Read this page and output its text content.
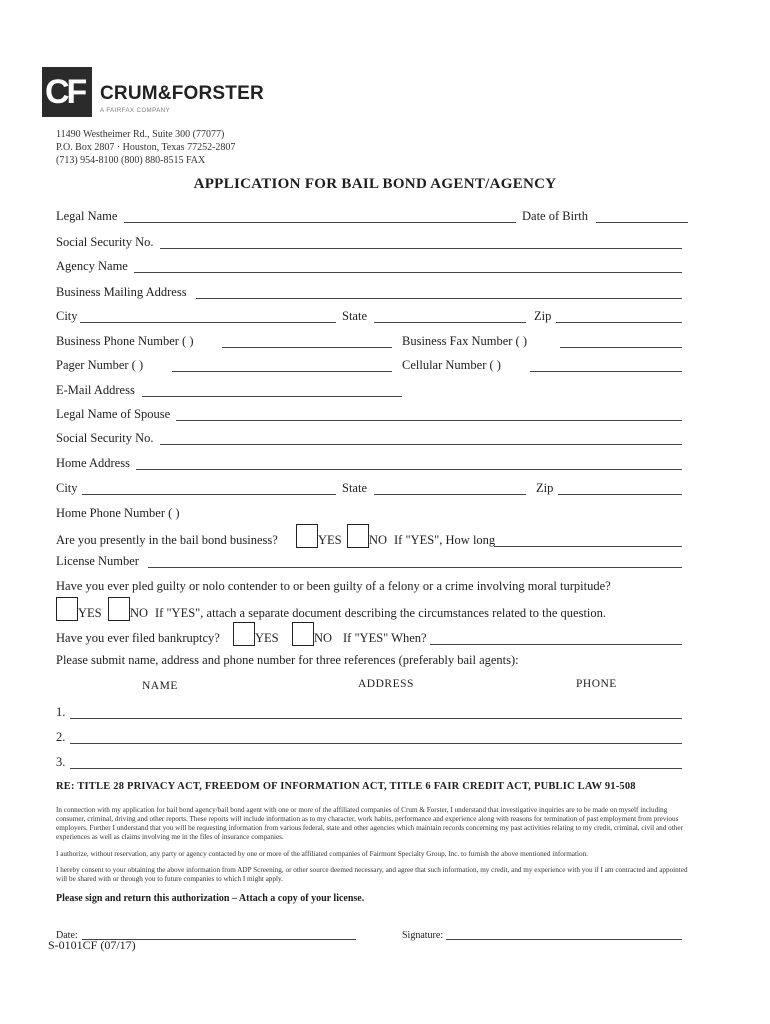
CF CRUM&FORSTER
A FAIRFAX COMPANY
11490 Westheimer Rd., Suite 300 (77077)
P.O. Box 2807 · Houston, Texas 77252-2807
(713) 954-8100 (800) 880-8515 FAX
APPLICATION FOR BAIL BOND AGENT/AGENCY
Legal Name	Date of Birth
Social Security No.
Agency Name
Business Mailing Address
City	State	Zip
Business Phone Number ( )	Business Fax Number ( )
Pager Number ( )	Cellular Number ( )
E-Mail Address
Legal Name of Spouse
Social Security No.
Home Address
City	State	Zip
Home Phone Number ( )
Are you presently in the bail bond business?	YES NO If "YES", How long
License Number
Have you ever pled guilty or nolo contender to or been guilty of a felony or a crime involving moral turpitude?
YES NO If "YES", attach a separate document describing the circumstances related to the question.
Have you ever filed bankruptcy?	YES	NO If "YES" When?
Please submit name, address and phone number for three references (preferably bail agents):
NAME	ADDRESS	PHONE
1.
2.
3.
RE: TITLE 28 PRIVACY ACT, FREEDOM OF INFORMATION ACT, TITLE 6 FAIR CREDIT ACT, PUBLIC LAW 91-508
In connection with my application for bail bond agency/bail bond agent with one or more of the affiliated companies of Crum & Forster, I understand that investigative inquiries are to be made on myself including consumer, criminal, driving and other reports. These reports will include information as to my character, work habits, performance and experience along with reasons for termination of past employment from previous employers. Further I understand that you will be requesting information from various federal, state and other agencies which maintain records concerning my past activities relating to my credit, criminal, civil and other experiences as well as claims involving me in the files of insurance companies.
I authorize, without reservation, any party or agency contacted by one or more of the affiliated companies of Fairmont Specialty Group, Inc. to furnish the above mentioned information.
I hereby consent to your obtaining the above information from ADP Screening, or other source deemed necessary, and agree that such information, my credit, and my experience with you if I am contracted and appointed will be shared with or through you to future companies to which I might apply.
Please sign and return this authorization – Attach a copy of your license.
Date:	Signature:
S-0101CF (07/17)
